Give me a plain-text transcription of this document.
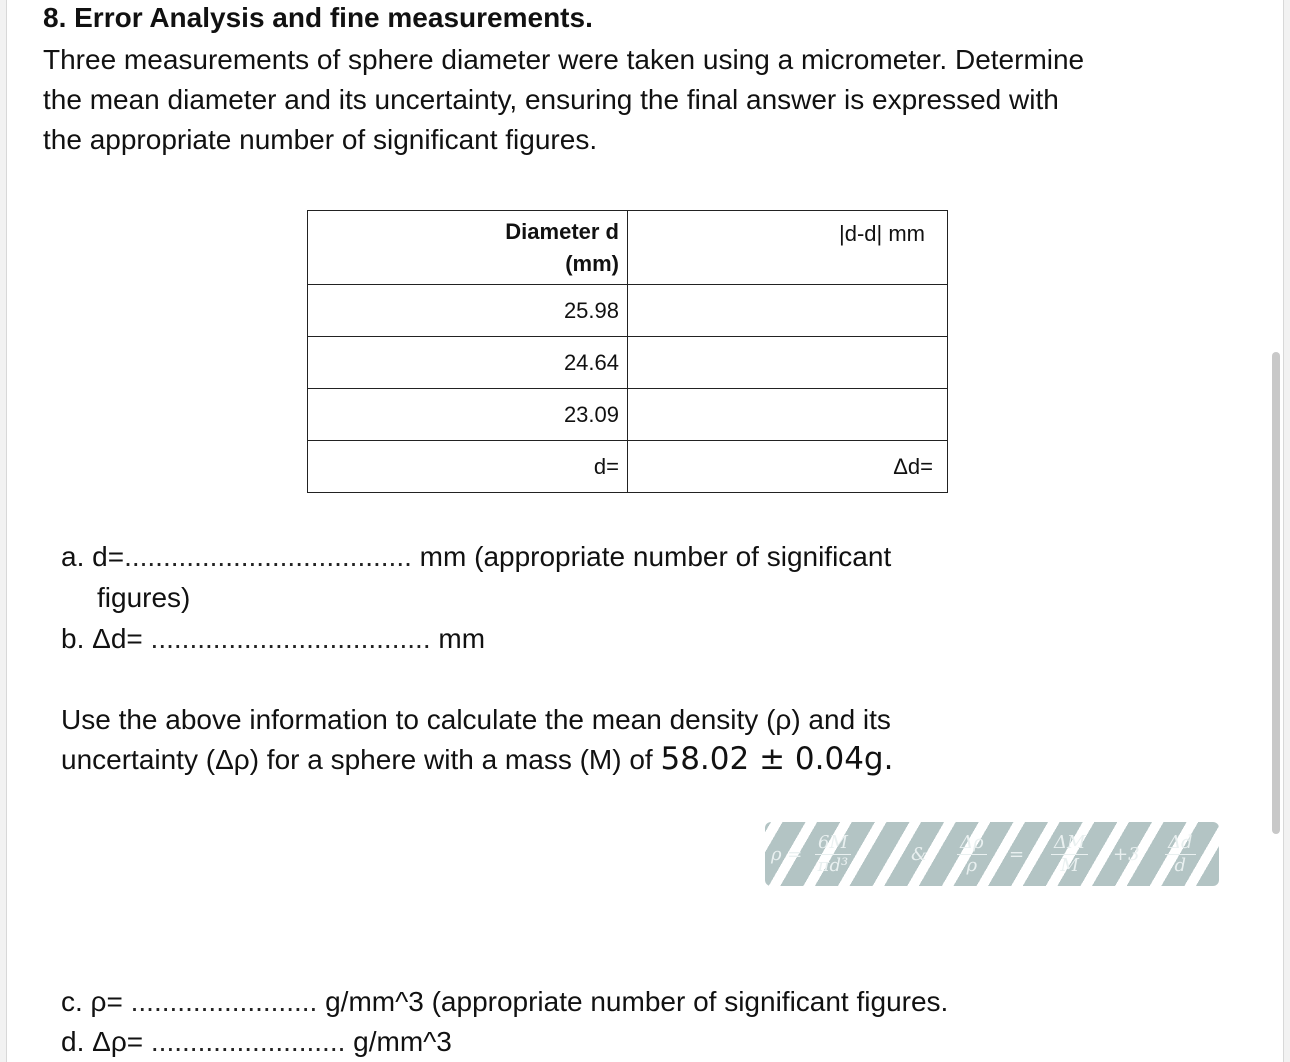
8. Error Analysis and fine measurements.
Three measurements of sphere diameter were taken using a micrometer. Determine
the mean diameter and its uncertainty, ensuring the final answer is expressed with
the appropriate number of significant figures.
Diameter d
(mm)	|d-d| mm

25.98	
24.64	
23.09	
d=	Δd=
a. d=..................................... mm (appropriate number of significant
figures)
b. Δd= .................................... mm
Use the above information to calculate the mean density (ρ) and its
uncertainty (Δρ) for a sphere with a mass (M) of 58.02 ± 0.04g.
$\rho = \frac{6M}{\text{πd³}}$	& $\frac{\Delta\rho}{\rho} = \frac{\Delta M}{M} +3 \frac{\Delta d}{d}$
c. ρ= ........................ g/mm^3 (appropriate number of significant figures.
d. Δρ= ......................... g/mm^3
